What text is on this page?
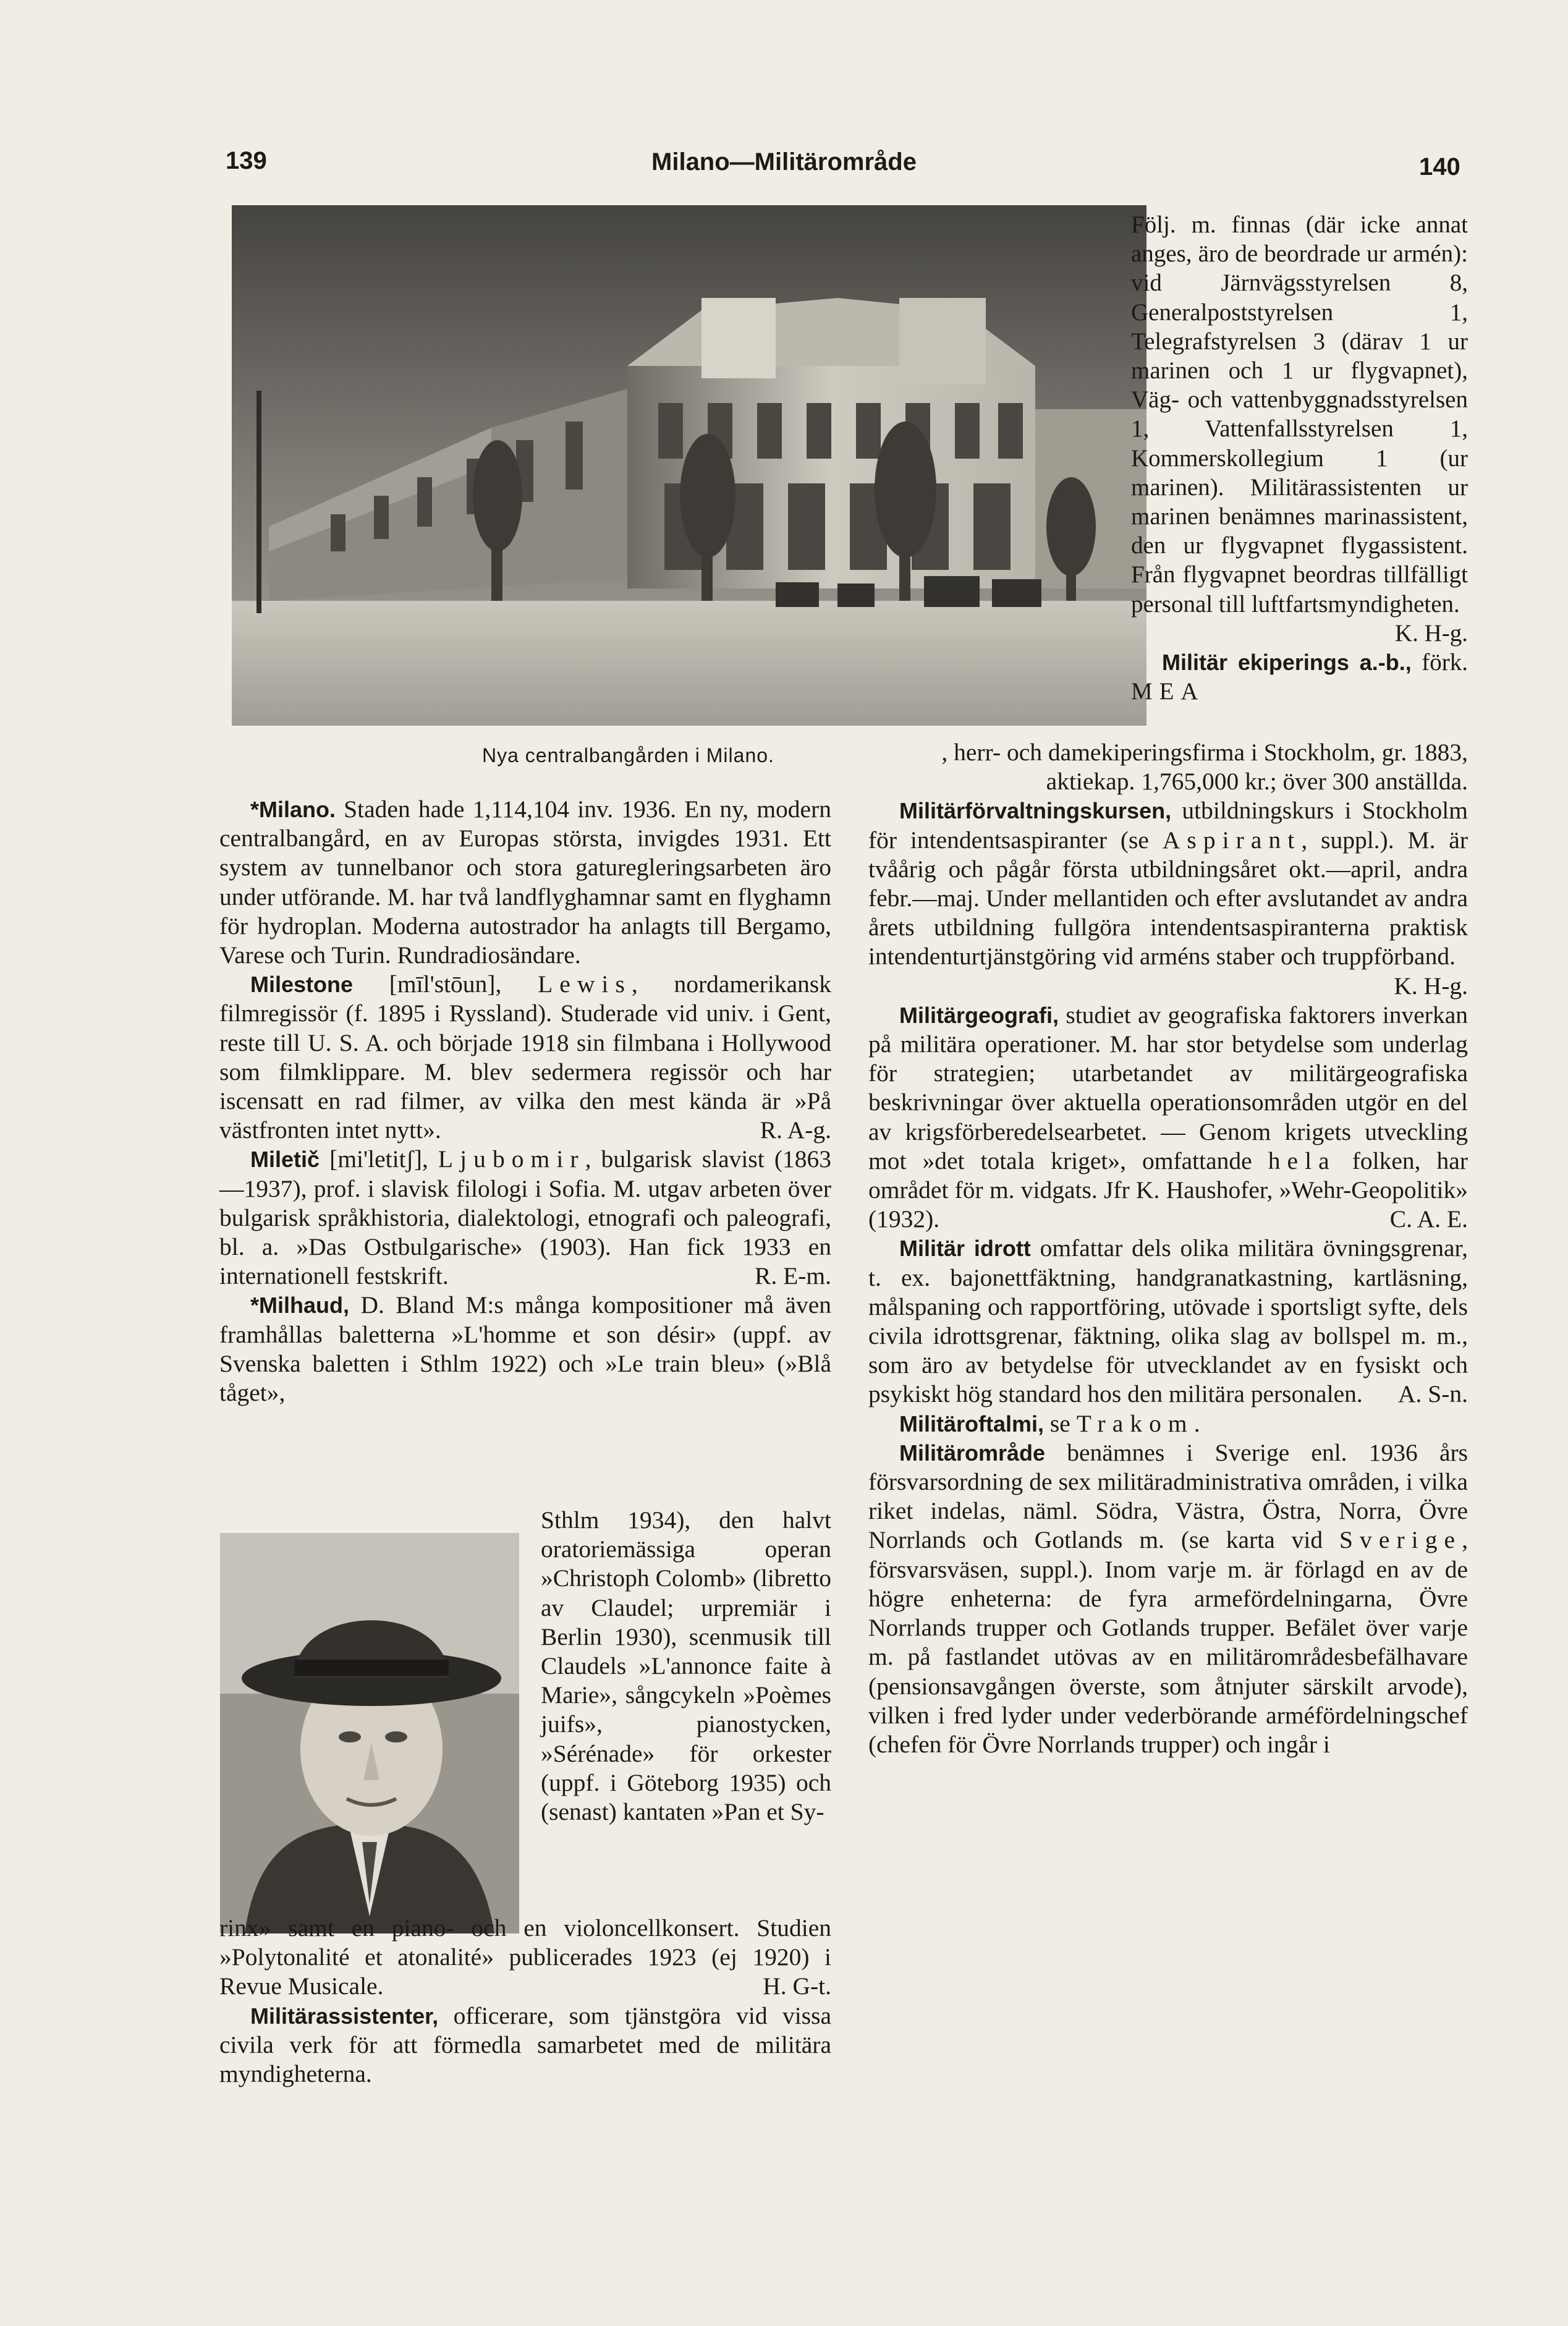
139	Milano—Militärområde	140
Nya centralbangården i Milano.

*Milano. Staden hade 1,114,104 inv. 1936. En ny, modern centralbangård, en av Europas största, invigdes 1931. Ett system av tunnelbanor och stora gaturegleringsarbeten äro under utförande. M. har två landflyghamnar samt en flyghamn för hydroplan. Moderna autostrador ha anlagts till Bergamo, Varese och Turin. Rundradiosändare.

Milestone [mīl'stōun], Lewis, nordamerikansk filmregissör (f. 1895 i Ryssland). Studerade vid univ. i Gent, reste till U. S. A. och började 1918 sin filmbana i Hollywood som filmklippare. M. blev sedermera regissör och har iscensatt en rad filmer, av vilka den mest kända är »På västfronten intet nytt».	R. A-g.

Miletič [mi'letitʃ], Ljubomir, bulgarisk slavist (1863—1937), prof. i slavisk filologi i Sofia. M. utgav arbeten över bulgarisk språkhistoria, dialektologi, etnografi och paleografi, bl. a. »Das Ostbulgarische» (1903). Han fick 1933 en internationell festskrift.	R. E-m.

*Milhaud, D. Bland M:s många kompositioner må även framhållas baletterna »L'homme et son désir» (uppf. av Svenska baletten i Sthlm 1922) och »Le train bleu» (»Blå tåget»,

Sthlm 1934), den halvt oratoriemässiga operan »Christoph Colomb» (libretto av Claudel; urpremiär i Berlin 1930), scenmusik till Claudels »L'annonce faite à Marie», sångcykeln »Poèmes juifs», pianostycken, »Sérénade» för orkester (uppf. i Göteborg 1935) och (senast) kantaten »Pan et Sy-

rinx» samt en piano- och en violoncellkonsert. Studien »Polytonalité et atonalité» publicerades 1923 (ej 1920) i Revue Musicale.	H. G-t.

Militärassistenter, officerare, som tjänstgöra vid vissa civila verk för att förmedla samarbetet med de militära myndigheterna.

Följ. m. finnas (där icke annat anges, äro de beordrade ur armén): vid Järnvägsstyrelsen 8, Generalpoststyrelsen 1, Telegrafstyrelsen 3 (därav 1 ur marinen och 1 ur flygvapnet), Väg- och vattenbyggnadsstyrelsen 1, Vattenfallsstyrelsen 1, Kommerskollegium 1 (ur marinen). Militärassistenten ur marinen benämnes marinassistent, den ur flygvapnet flygassistent. Från flygvapnet beordras tillfälligt personal till luftfartsmyndigheten.
K. H-g.

Militär ekiperings a.-b., förk. MEA

, herr- och damekiperingsfirma i Stockholm, gr. 1883, aktiekap. 1,765,000 kr.; över 300 anställda.

Militärförvaltningskursen, utbildningskurs i Stockholm för intendentsaspiranter (se Aspirant, suppl.). M. är tvåårig och pågår första utbildningsåret okt.—april, andra febr.—maj. Under mellantiden och efter avslutandet av andra årets utbildning fullgöra intendentsaspiranterna praktisk intendenturtjänstgöring vid arméns staber och truppförband.
K. H-g.

Militärgeografi, studiet av geografiska faktorers inverkan på militära operationer. M. har stor betydelse som underlag för strategien; utarbetandet av militärgeografiska beskrivningar över aktuella operationsområden utgör en del av krigsförberedelsearbetet. — Genom krigets utveckling mot »det totala kriget», omfattande hela folken, har området för m. vidgats. Jfr K. Haushofer, »Wehr-Geopolitik» (1932).	C. A. E.

Militär idrott omfattar dels olika militära övningsgrenar, t. ex. bajonettfäktning, handgranatkastning, kartläsning, målspaning och rapportföring, utövade i sportsligt syfte, dels civila idrottsgrenar, fäktning, olika slag av bollspel m. m., som äro av betydelse för utvecklandet av en fysiskt och psykiskt hög standard hos den militära personalen. A. S-n.

Militäroftalmi, se Trakom.

Militärområde benämnes i Sverige enl. 1936 års försvarsordning de sex militäradministrativa områden, i vilka riket indelas, näml. Södra, Västra, Östra, Norra, Övre Norrlands och Gotlands m. (se karta vid Sverige, försvarsväsen, suppl.). Inom varje m. är förlagd en av de högre enheterna: de fyra armefördelningarna, Övre Norrlands trupper och Gotlands trupper. Befälet över varje m. på fastlandet utövas av en militärområdesbefälhavare (pensionsavgången överste, som åtnjuter särskilt arvode), vilken i fred lyder under vederbörande arméfördelningschef (chefen för Övre Norrlands trupper) och ingår i
